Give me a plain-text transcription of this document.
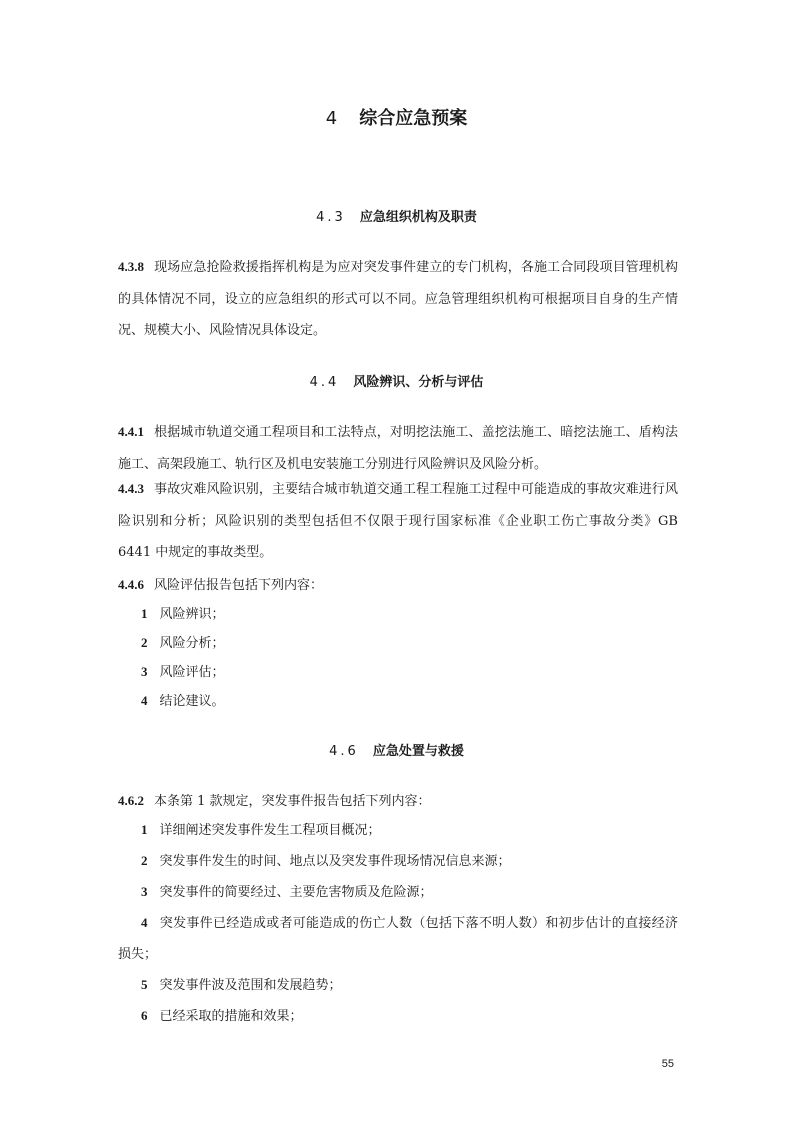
4 综合应急预案
4.3 应急组织机构及职责

4.3.8 现场应急抢险救援指挥机构是为应对突发事件建立的专门机构，各施工合同段项目管理机构的具体情况不同，设立的应急组织的形式可以不同。应急管理组织机构可根据项目自身的生产情况、规模大小、风险情况具体设定。

4.4 风险辨识、分析与评估

4.4.1 根据城市轨道交通工程项目和工法特点，对明挖法施工、盖挖法施工、暗挖法施工、盾构法施工、高架段施工、轨行区及机电安装施工分别进行风险辨识及风险分析。

4.4.3 事故灾难风险识别，主要结合城市轨道交通工程工程施工过程中可能造成的事故灾难进行风险识别和分析；风险识别的类型包括但不仅限于现行国家标准《企业职工伤亡事故分类》GB 6441 中规定的事故类型。

4.4.6 风险评估报告包括下列内容：

1 风险辨识；

2 风险分析；

3 风险评估；

4 结论建议。

4.6 应急处置与救援

4.6.2 本条第 1 款规定，突发事件报告包括下列内容：

1 详细阐述突发事件发生工程项目概况；

2 突发事件发生的时间、地点以及突发事件现场情况信息来源；

3 突发事件的简要经过、主要危害物质及危险源；

4 突发事件已经造成或者可能造成的伤亡人数（包括下落不明人数）和初步估计的直接经济损失；

5 突发事件波及范围和发展趋势；

6 已经采取的措施和效果；

55
